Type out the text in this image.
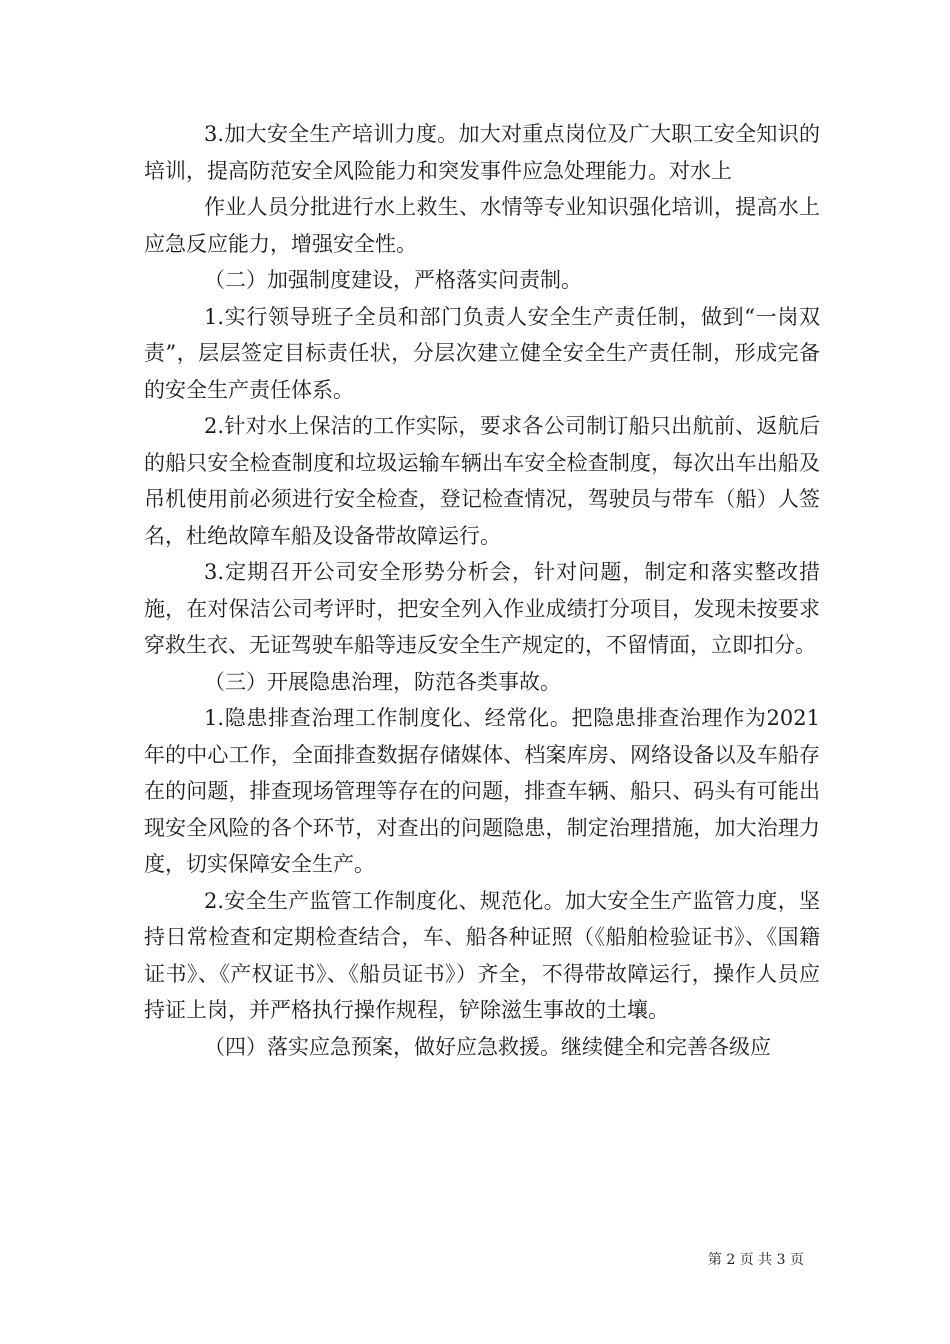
3.加大安全生产培训力度。加大对重点岗位及广大职工安全知识的培训，提高防范安全风险能力和突发事件应急处理能力。对水上

作业人员分批进行水上救生、水情等专业知识强化培训，提高水上应急反应能力，增强安全性。

（二）加强制度建设，严格落实问责制。

1.实行领导班子全员和部门负责人安全生产责任制，做到“一岗双责”，层层签定目标责任状，分层次建立健全安全生产责任制，形成完备的安全生产责任体系。

2.针对水上保洁的工作实际，要求各公司制订船只出航前、返航后的船只安全检查制度和垃圾运输车辆出车安全检查制度，每次出车出船及吊机使用前必须进行安全检查，登记检查情况，驾驶员与带车（船）人签名，杜绝故障车船及设备带故障运行。

3.定期召开公司安全形势分析会，针对问题，制定和落实整改措施，在对保洁公司考评时，把安全列入作业成绩打分项目，发现未按要求穿救生衣、无证驾驶车船等违反安全生产规定的，不留情面，立即扣分。

（三）开展隐患治理，防范各类事故。

1.隐患排查治理工作制度化、经常化。把隐患排查治理作为2021年的中心工作，全面排查数据存储媒体、档案库房、网络设备以及车船存在的问题，排查现场管理等存在的问题，排查车辆、船只、码头有可能出现安全风险的各个环节，对查出的问题隐患，制定治理措施，加大治理力度，切实保障安全生产。

2.安全生产监管工作制度化、规范化。加大安全生产监管力度，坚持日常检查和定期检查结合，车、船各种证照（《船舶检验证书》、《国籍证书》、《产权证书》、《船员证书》）齐全，不得带故障运行，操作人员应持证上岗，并严格执行操作规程，铲除滋生事故的土壤。

（四）落实应急预案，做好应急救援。继续健全和完善各级应

第 2 页 共 3 页
